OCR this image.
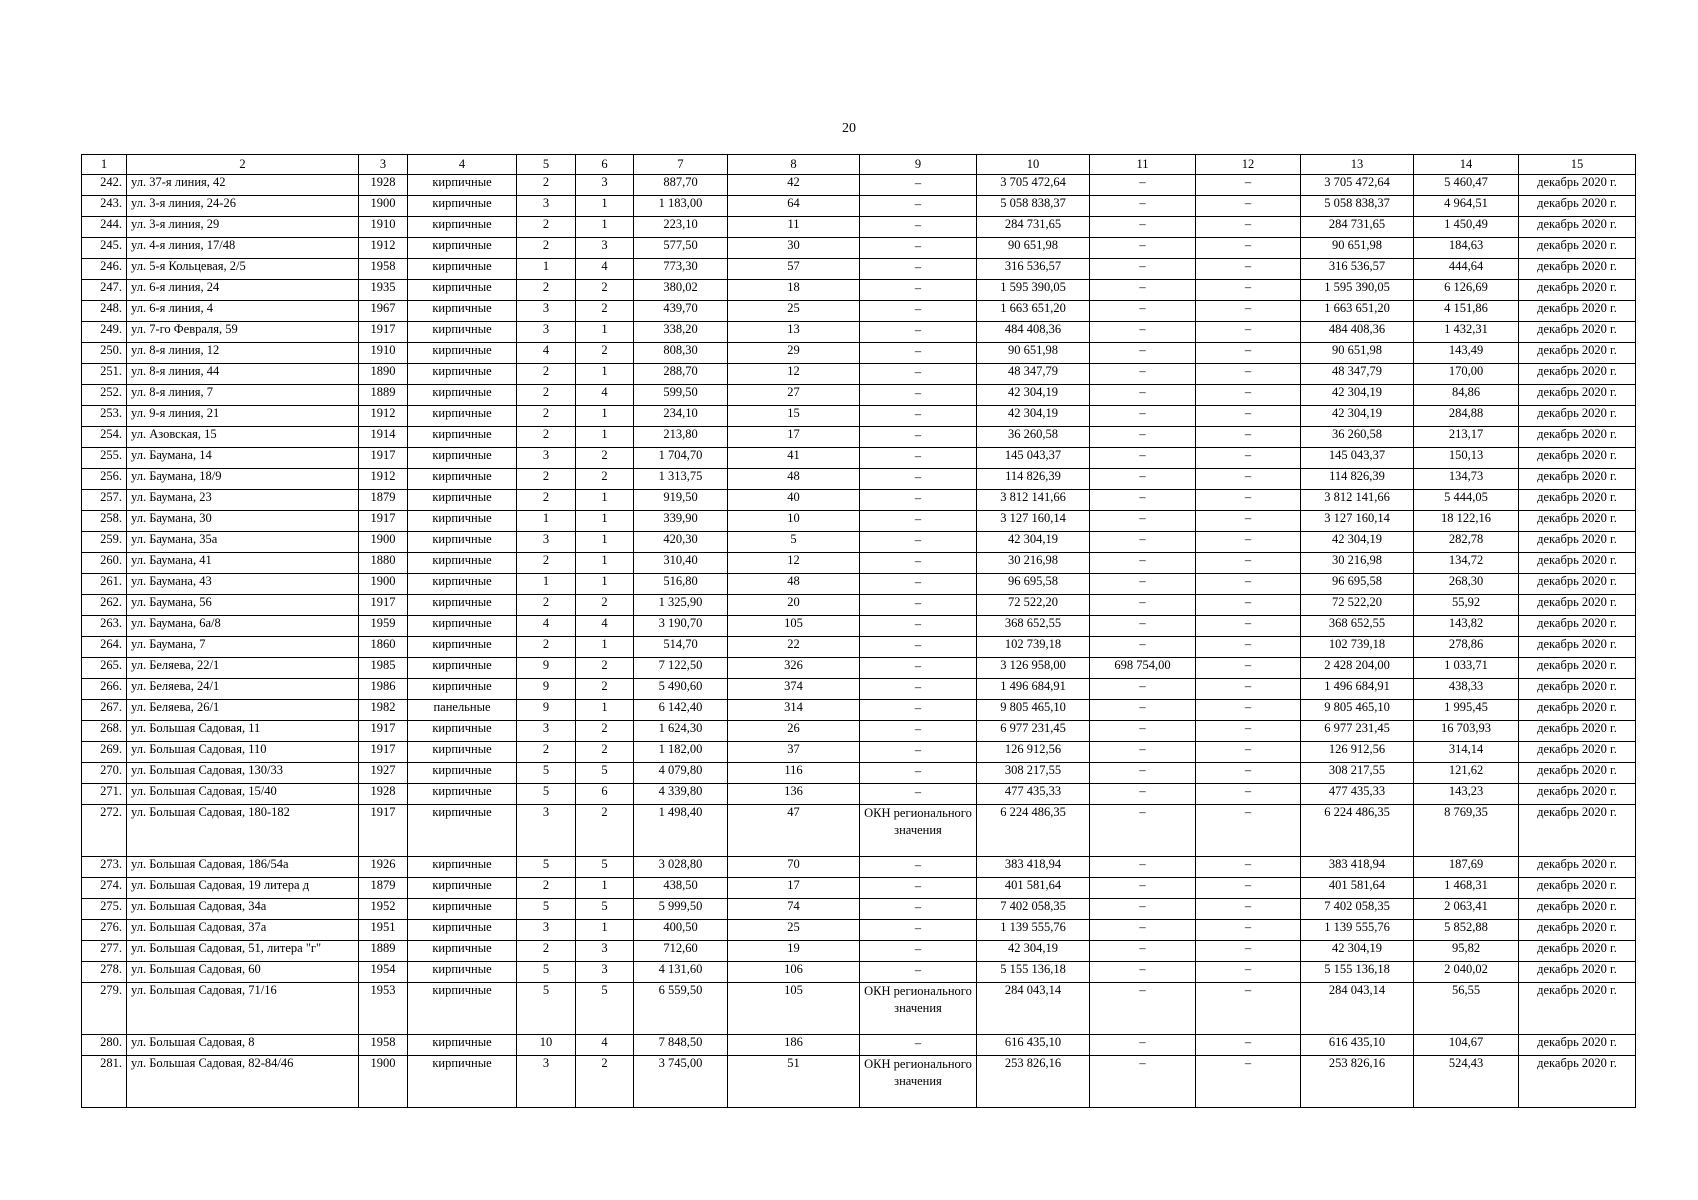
20
1	2	3	4	5	6	7	8	9	10	11	12	13	14	15
242.	ул. 37-я линия, 42	1928	кирпичные	2	3	887,70	42	–	3 705 472,64	–	–	3 705 472,64	5 460,47	декабрь 2020 г.
243.	ул. 3-я линия, 24-26	1900	кирпичные	3	1	1 183,00	64	–	5 058 838,37	–	–	5 058 838,37	4 964,51	декабрь 2020 г.
244.	ул. 3-я линия, 29	1910	кирпичные	2	1	223,10	11	–	284 731,65	–	–	284 731,65	1 450,49	декабрь 2020 г.
245.	ул. 4-я линия, 17/48	1912	кирпичные	2	3	577,50	30	–	90 651,98	–	–	90 651,98	184,63	декабрь 2020 г.
246.	ул. 5-я Кольцевая, 2/5	1958	кирпичные	1	4	773,30	57	–	316 536,57	–	–	316 536,57	444,64	декабрь 2020 г.
247.	ул. 6-я линия, 24	1935	кирпичные	2	2	380,02	18	–	1 595 390,05	–	–	1 595 390,05	6 126,69	декабрь 2020 г.
248.	ул. 6-я линия, 4	1967	кирпичные	3	2	439,70	25	–	1 663 651,20	–	–	1 663 651,20	4 151,86	декабрь 2020 г.
249.	ул. 7-го Февраля, 59	1917	кирпичные	3	1	338,20	13	–	484 408,36	–	–	484 408,36	1 432,31	декабрь 2020 г.
250.	ул. 8-я линия, 12	1910	кирпичные	4	2	808,30	29	–	90 651,98	–	–	90 651,98	143,49	декабрь 2020 г.
251.	ул. 8-я линия, 44	1890	кирпичные	2	1	288,70	12	–	48 347,79	–	–	48 347,79	170,00	декабрь 2020 г.
252.	ул. 8-я линия, 7	1889	кирпичные	2	4	599,50	27	–	42 304,19	–	–	42 304,19	84,86	декабрь 2020 г.
253.	ул. 9-я линия, 21	1912	кирпичные	2	1	234,10	15	–	42 304,19	–	–	42 304,19	284,88	декабрь 2020 г.
254.	ул. Азовская, 15	1914	кирпичные	2	1	213,80	17	–	36 260,58	–	–	36 260,58	213,17	декабрь 2020 г.
255.	ул. Баумана, 14	1917	кирпичные	3	2	1 704,70	41	–	145 043,37	–	–	145 043,37	150,13	декабрь 2020 г.
256.	ул. Баумана, 18/9	1912	кирпичные	2	2	1 313,75	48	–	114 826,39	–	–	114 826,39	134,73	декабрь 2020 г.
257.	ул. Баумана, 23	1879	кирпичные	2	1	919,50	40	–	3 812 141,66	–	–	3 812 141,66	5 444,05	декабрь 2020 г.
258.	ул. Баумана, 30	1917	кирпичные	1	1	339,90	10	–	3 127 160,14	–	–	3 127 160,14	18 122,16	декабрь 2020 г.
259.	ул. Баумана, 35а	1900	кирпичные	3	1	420,30	5	–	42 304,19	–	–	42 304,19	282,78	декабрь 2020 г.
260.	ул. Баумана, 41	1880	кирпичные	2	1	310,40	12	–	30 216,98	–	–	30 216,98	134,72	декабрь 2020 г.
261.	ул. Баумана, 43	1900	кирпичные	1	1	516,80	48	–	96 695,58	–	–	96 695,58	268,30	декабрь 2020 г.
262.	ул. Баумана, 56	1917	кирпичные	2	2	1 325,90	20	–	72 522,20	–	–	72 522,20	55,92	декабрь 2020 г.
263.	ул. Баумана, 6а/8	1959	кирпичные	4	4	3 190,70	105	–	368 652,55	–	–	368 652,55	143,82	декабрь 2020 г.
264.	ул. Баумана, 7	1860	кирпичные	2	1	514,70	22	–	102 739,18	–	–	102 739,18	278,86	декабрь 2020 г.
265.	ул. Беляева, 22/1	1985	кирпичные	9	2	7 122,50	326	–	3 126 958,00	698 754,00	–	2 428 204,00	1 033,71	декабрь 2020 г.
266.	ул. Беляева, 24/1	1986	кирпичные	9	2	5 490,60	374	–	1 496 684,91	–	–	1 496 684,91	438,33	декабрь 2020 г.
267.	ул. Беляева, 26/1	1982	панельные	9	1	6 142,40	314	–	9 805 465,10	–	–	9 805 465,10	1 995,45	декабрь 2020 г.
268.	ул. Большая Садовая, 11	1917	кирпичные	3	2	1 624,30	26	–	6 977 231,45	–	–	6 977 231,45	16 703,93	декабрь 2020 г.
269.	ул. Большая Садовая, 110	1917	кирпичные	2	2	1 182,00	37	–	126 912,56	–	–	126 912,56	314,14	декабрь 2020 г.
270.	ул. Большая Садовая, 130/33	1927	кирпичные	5	5	4 079,80	116	–	308 217,55	–	–	308 217,55	121,62	декабрь 2020 г.
271.	ул. Большая Садовая, 15/40	1928	кирпичные	5	6	4 339,80	136	–	477 435,33	–	–	477 435,33	143,23	декабрь 2020 г.
272.	ул. Большая Садовая, 180-182	1917	кирпичные	3	2	1 498,40	47	ОКН регионального значения	6 224 486,35	–	–	6 224 486,35	8 769,35	декабрь 2020 г.
273.	ул. Большая Садовая, 186/54а	1926	кирпичные	5	5	3 028,80	70	–	383 418,94	–	–	383 418,94	187,69	декабрь 2020 г.
274.	ул. Большая Садовая, 19 литера д	1879	кирпичные	2	1	438,50	17	–	401 581,64	–	–	401 581,64	1 468,31	декабрь 2020 г.
275.	ул. Большая Садовая, 34а	1952	кирпичные	5	5	5 999,50	74	–	7 402 058,35	–	–	7 402 058,35	2 063,41	декабрь 2020 г.
276.	ул. Большая Садовая, 37а	1951	кирпичные	3	1	400,50	25	–	1 139 555,76	–	–	1 139 555,76	5 852,88	декабрь 2020 г.
277.	ул. Большая Садовая, 51, литера "г"	1889	кирпичные	2	3	712,60	19	–	42 304,19	–	–	42 304,19	95,82	декабрь 2020 г.
278.	ул. Большая Садовая, 60	1954	кирпичные	5	3	4 131,60	106	–	5 155 136,18	–	–	5 155 136,18	2 040,02	декабрь 2020 г.
279.	ул. Большая Садовая, 71/16	1953	кирпичные	5	5	6 559,50	105	ОКН регионального значения	284 043,14	–	–	284 043,14	56,55	декабрь 2020 г.
280.	ул. Большая Садовая, 8	1958	кирпичные	10	4	7 848,50	186	–	616 435,10	–	–	616 435,10	104,67	декабрь 2020 г.
281.	ул. Большая Садовая, 82-84/46	1900	кирпичные	3	2	3 745,00	51	ОКН регионального значения	253 826,16	–	–	253 826,16	524,43	декабрь 2020 г.
